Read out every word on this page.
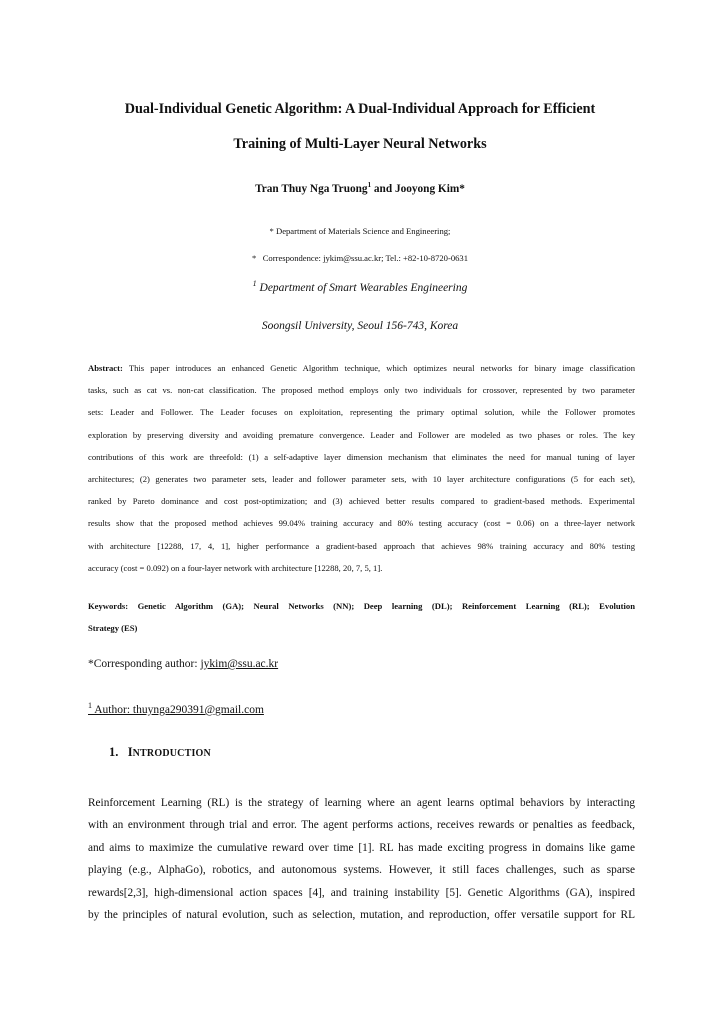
Dual-Individual Genetic Algorithm: A Dual-Individual Approach for Efficient
Training of Multi-Layer Neural Networks
Tran Thuy Nga Truong$^1$ and Jooyong Kim*
* Department of Materials Science and Engineering;
*   Correspondence: jykim@ssu.ac.kr; Tel.: +82-10-8720-0631
$^1$ Department of Smart Wearables Engineering
Soongsil University, Seoul 156-743, Korea
Abstract: This paper introduces an enhanced Genetic Algorithm technique, which optimizes neural networks for binary image classification
tasks, such as cat vs. non-cat classification. The proposed method employs only two individuals for crossover, represented by two parameter
sets: Leader and Follower. The Leader focuses on exploitation, representing the primary optimal solution, while the Follower promotes
exploration by preserving diversity and avoiding premature convergence. Leader and Follower are modeled as two phases or roles. The key
contributions of this work are threefold: (1) a self-adaptive layer dimension mechanism that eliminates the need for manual tuning of layer
architectures; (2) generates two parameter sets, leader and follower parameter sets, with 10 layer architecture configurations (5 for each set),
ranked by Pareto dominance and cost post-optimization; and (3) achieved better results compared to gradient-based methods. Experimental
results show that the proposed method achieves 99.04% training accuracy and 80% testing accuracy (cost = 0.06) on a three-layer network
with architecture [12288, 17, 4, 1], higher performance a gradient-based approach that achieves 98% training accuracy and 80% testing
accuracy (cost = 0.092) on a four-layer network with architecture [12288, 20, 7, 5, 1].
Keywords: Genetic Algorithm (GA); Neural Networks (NN); Deep learning (DL); Reinforcement Learning (RL); Evolution
Strategy (ES)
*Corresponding author: jykim@ssu.ac.kr
$^1$ Author: thuynga290391@gmail.com
1. INTRODUCTION
Reinforcement Learning (RL) is the strategy of learning where an agent learns optimal behaviors by interacting
with an environment through trial and error. The agent performs actions, receives rewards or penalties as feedback,
and aims to maximize the cumulative reward over time [1]. RL has made exciting progress in domains like game
playing (e.g., AlphaGo), robotics, and autonomous systems. However, it still faces challenges, such as sparse
rewards[2,3], high-dimensional action spaces [4], and training instability [5]. Genetic Algorithms (GA), inspired
by the principles of natural evolution, such as selection, mutation, and reproduction, offer versatile support for RL
